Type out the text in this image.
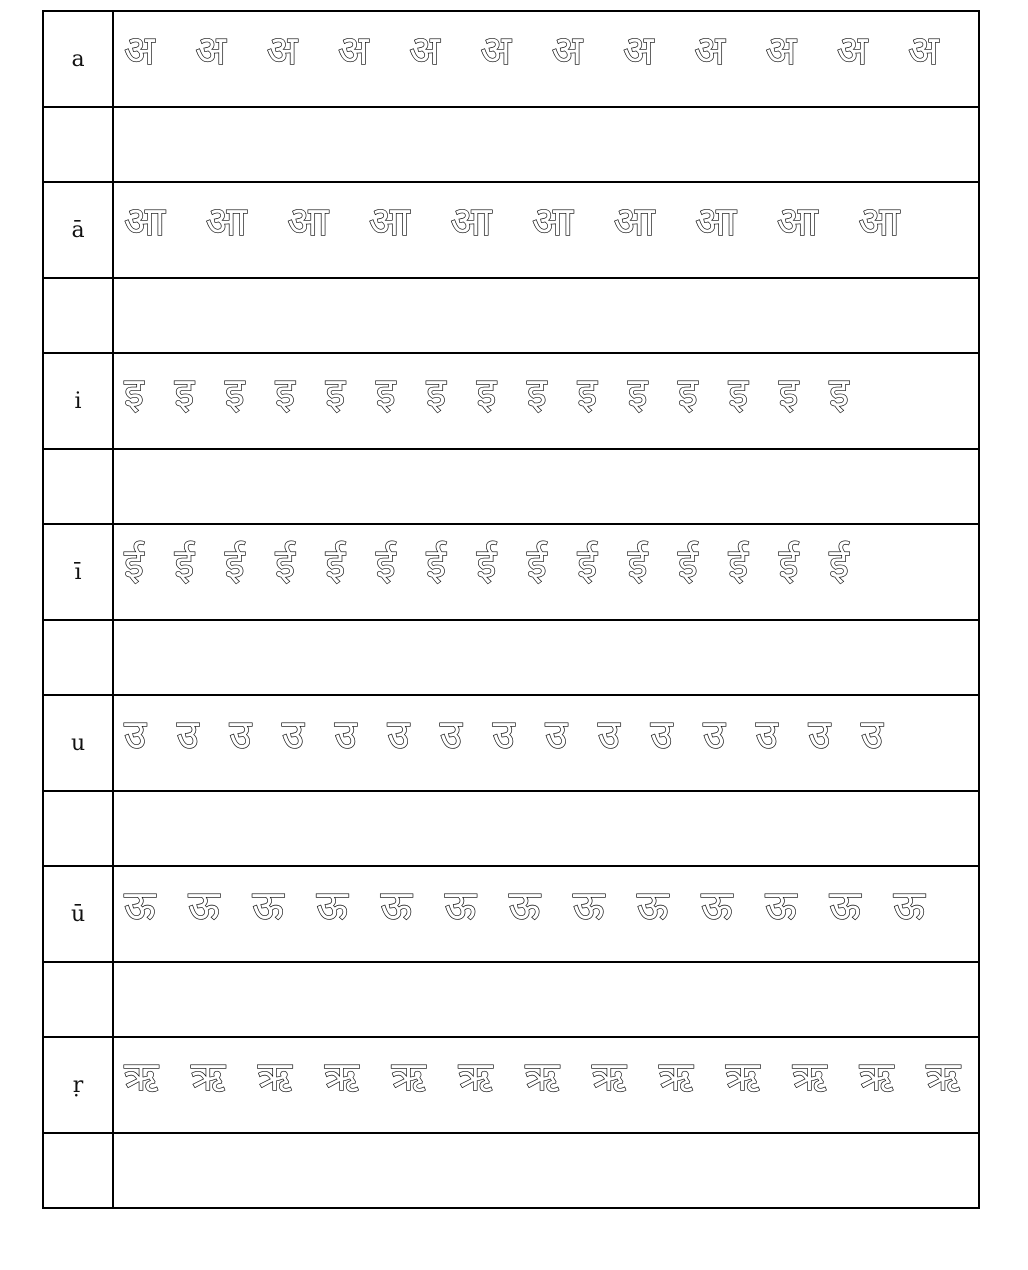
a	अ अ अ अ अ अ अ अ अ अ अ अ

ā	आ आ आ आ आ आ आ आ आ आ

i	इ इ इ इ इ इ इ इ इ इ इ इ इ इ इ

ī	ई ई ई ई ई ई ई ई ई ई ई ई ई ई ई

u	उ उ उ उ उ उ उ उ उ उ उ उ उ उ उ

ū	ऊ ऊ ऊ ऊ ऊ ऊ ऊ ऊ ऊ ऊ ऊ ऊ ऊ

ṛ	ऋ ऋ ऋ ऋ ऋ ऋ ऋ ऋ ऋ ऋ ऋ ऋ ऋ
